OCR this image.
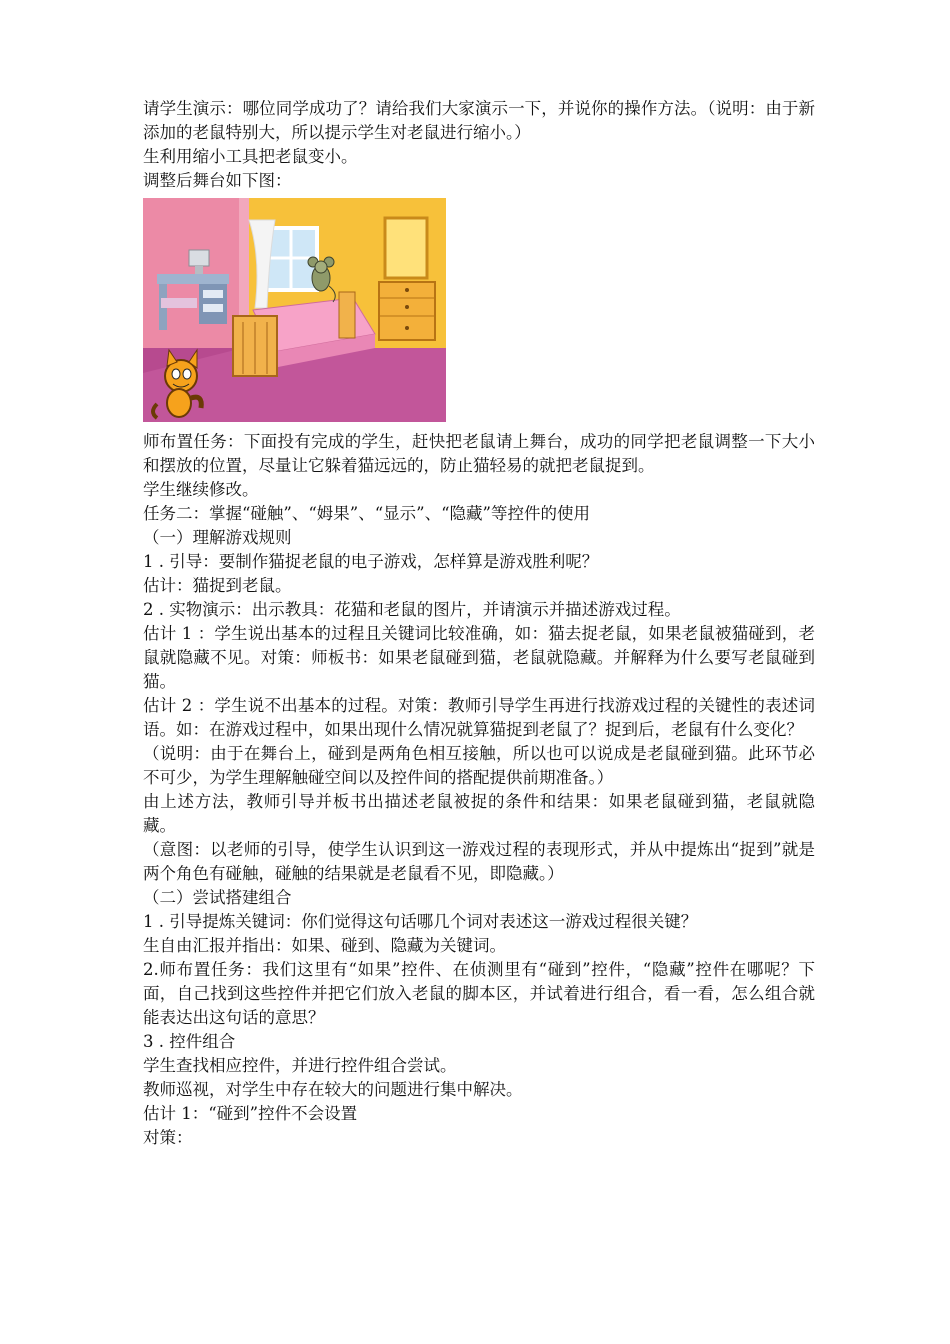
请学生演示：哪位同学成功了？请给我们大家演示一下，并说你的操作方法。（说明：由于新添加的老鼠特别大，所以提示学生对老鼠进行缩小。）

生利用缩小工具把老鼠变小。

调整后舞台如下图：

师布置任务：下面投有完成的学生，赶快把老鼠请上舞台，成功的同学把老鼠调整一下大小和摆放的位置，尽量让它躲着猫远远的，防止猫轻易的就把老鼠捉到。

学生继续修改。

任务二：掌握“碰触”、“姆果”、“显示”、“隐藏”等控件的使用

（一）理解游戏规则

1 . 引导：要制作猫捉老鼠的电子游戏，怎样算是游戏胜利呢？

估计：猫捉到老鼠。

2 . 实物演示：出示教具：花猫和老鼠的图片，并请演示并描述游戏过程。

估计 1 ：学生说出基本的过程且关键词比较准确，如：猫去捉老鼠，如果老鼠被猫碰到，老鼠就隐藏不见。对策：师板书：如果老鼠碰到猫，老鼠就隐藏。并解释为什么要写老鼠碰到猫。

估计 2 ：学生说不出基本的过程。对策：教师引导学生再进行找游戏过程的关键性的表述词语。如：在游戏过程中，如果出现什么情况就算猫捉到老鼠了？捉到后，老鼠有什么变化？

（说明：由于在舞台上，碰到是两角色相互接触，所以也可以说成是老鼠碰到猫。此环节必不可少，为学生理解触碰空间以及控件间的搭配提供前期准备。）

由上述方法，教师引导并板书出描述老鼠被捉的条件和结果：如果老鼠碰到猫，老鼠就隐藏。

（意图：以老师的引导，使学生认识到这一游戏过程的表现形式，并从中提炼出“捉到”就是两个角色有碰触，碰触的结果就是老鼠看不见，即隐藏。）

（二）尝试搭建组合

1 . 引导提炼关键词：你们觉得这句话哪几个词对表述这一游戏过程很关键？

生自由汇报并指出：如果、碰到、隐藏为关键词。

2.师布置任务：我们这里有“如果”控件、在侦测里有“碰到”控件，“隐藏”控件在哪呢？下面，自己找到这些控件并把它们放入老鼠的脚本区，并试着进行组合，看一看，怎么组合就能表达出这句话的意思？

3 . 控件组合

学生查找相应控件，并进行控件组合尝试。

教师巡视，对学生中存在较大的问题进行集中解决。

估计 1：“碰到”控件不会设置

对策：
